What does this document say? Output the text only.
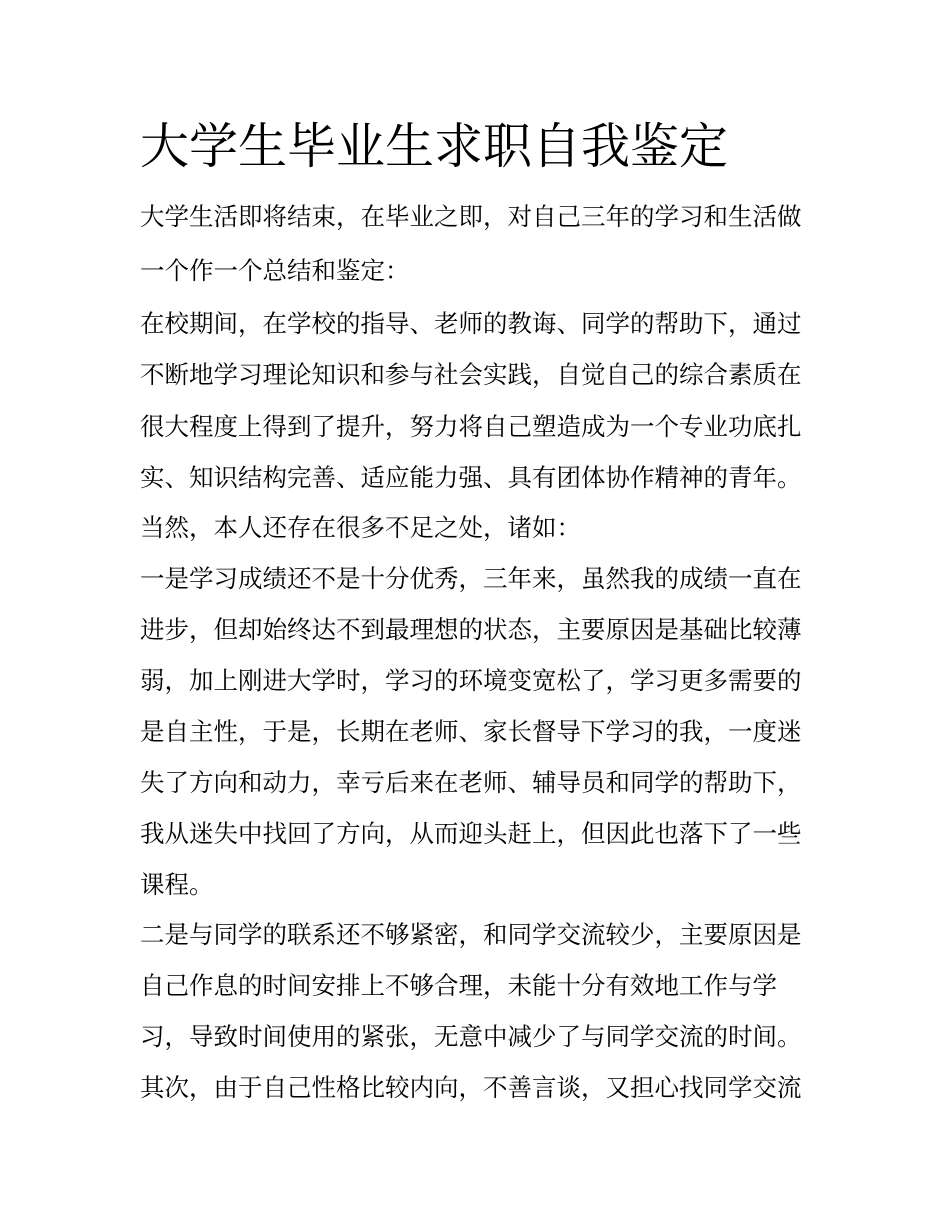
大学生毕业生求职自我鉴定
大学生活即将结束，在毕业之即，对自己三年的学习和生活做
一个作一个总结和鉴定：
在校期间，在学校的指导、老师的教诲、同学的帮助下，通过
不断地学习理论知识和参与社会实践，自觉自己的综合素质在
很大程度上得到了提升，努力将自己塑造成为一个专业功底扎
实、知识结构完善、适应能力强、具有团体协作精神的青年。
当然，本人还存在很多不足之处，诸如：
一是学习成绩还不是十分优秀，三年来，虽然我的成绩一直在
进步，但却始终达不到最理想的状态，主要原因是基础比较薄
弱，加上刚进大学时，学习的环境变宽松了，学习更多需要的
是自主性，于是，长期在老师、家长督导下学习的我，一度迷
失了方向和动力，幸亏后来在老师、辅导员和同学的帮助下，
我从迷失中找回了方向，从而迎头赶上，但因此也落下了一些
课程。
二是与同学的联系还不够紧密，和同学交流较少，主要原因是
自己作息的时间安排上不够合理，未能十分有效地工作与学
习，导致时间使用的紧张，无意中减少了与同学交流的时间。
其次，由于自己性格比较内向，不善言谈，又担心找同学交流
